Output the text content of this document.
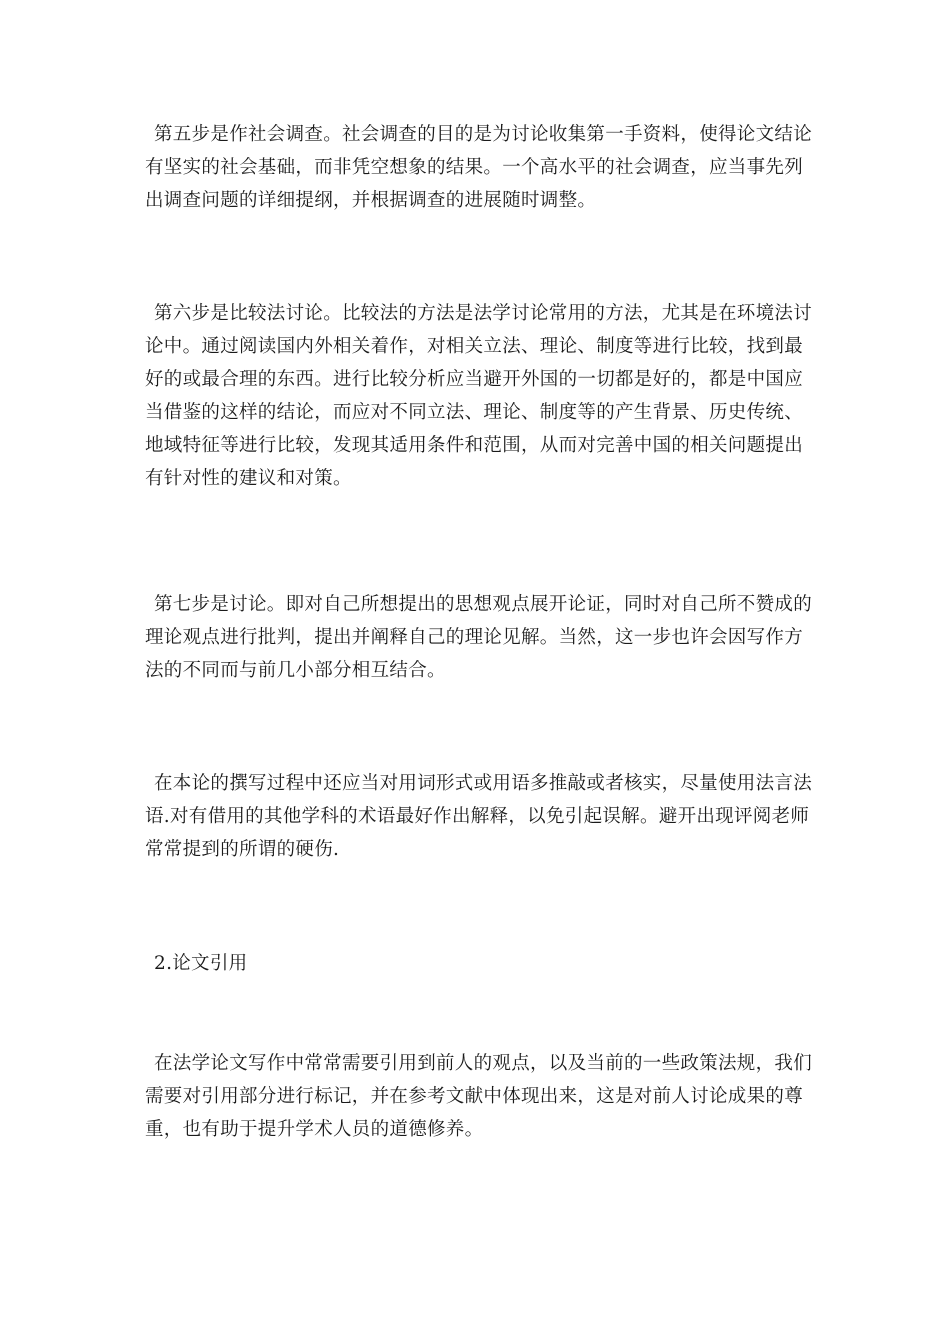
第五步是作社会调查。社会调查的目的是为讨论收集第一手资料，使得论文结论有坚实的社会基础，而非凭空想象的结果。一个高水平的社会调查，应当事先列出调查问题的详细提纲，并根据调查的进展随时调整。

第六步是比较法讨论。比较法的方法是法学讨论常用的方法，尤其是在环境法讨论中。通过阅读国内外相关着作，对相关立法、理论、制度等进行比较，找到最好的或最合理的东西。进行比较分析应当避开外国的一切都是好的，都是中国应当借鉴的这样的结论，而应对不同立法、理论、制度等的产生背景、历史传统、地域特征等进行比较，发现其适用条件和范围，从而对完善中国的相关问题提出有针对性的建议和对策。

第七步是讨论。即对自己所想提出的思想观点展开论证，同时对自己所不赞成的理论观点进行批判，提出并阐释自己的理论见解。当然，这一步也许会因写作方法的不同而与前几小部分相互结合。

在本论的撰写过程中还应当对用词形式或用语多推敲或者核实，尽量使用法言法语.对有借用的其他学科的术语最好作出解释，以免引起误解。避开出现评阅老师常常提到的所谓的硬伤.

2.论文引用

在法学论文写作中常常需要引用到前人的观点，以及当前的一些政策法规，我们需要对引用部分进行标记，并在参考文献中体现出来，这是对前人讨论成果的尊重，也有助于提升学术人员的道德修养。
